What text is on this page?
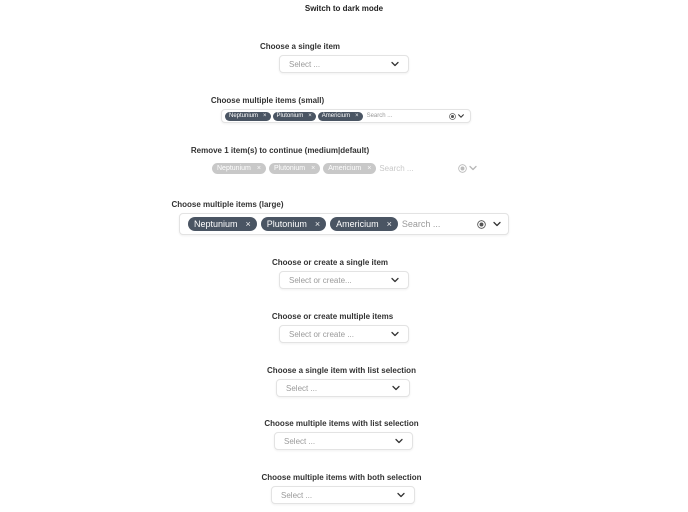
Switch to dark mode
Choose a single item
Select ...
Choose multiple items (small)
Neptunium × Plutonium × Americium × Search ...
Remove 1 item(s) to continue (medium|default)
Neptunium × Plutonium × Americium × Search ...
Choose multiple items (large)
Neptunium × Plutonium × Americium × Search ...
Choose or create a single item
Select or create...
Choose or create multiple items
Select or create ...
Choose a single item with list selection
Select ...
Choose multiple items with list selection
Select ...
Choose multiple items with both selection
Select ...
